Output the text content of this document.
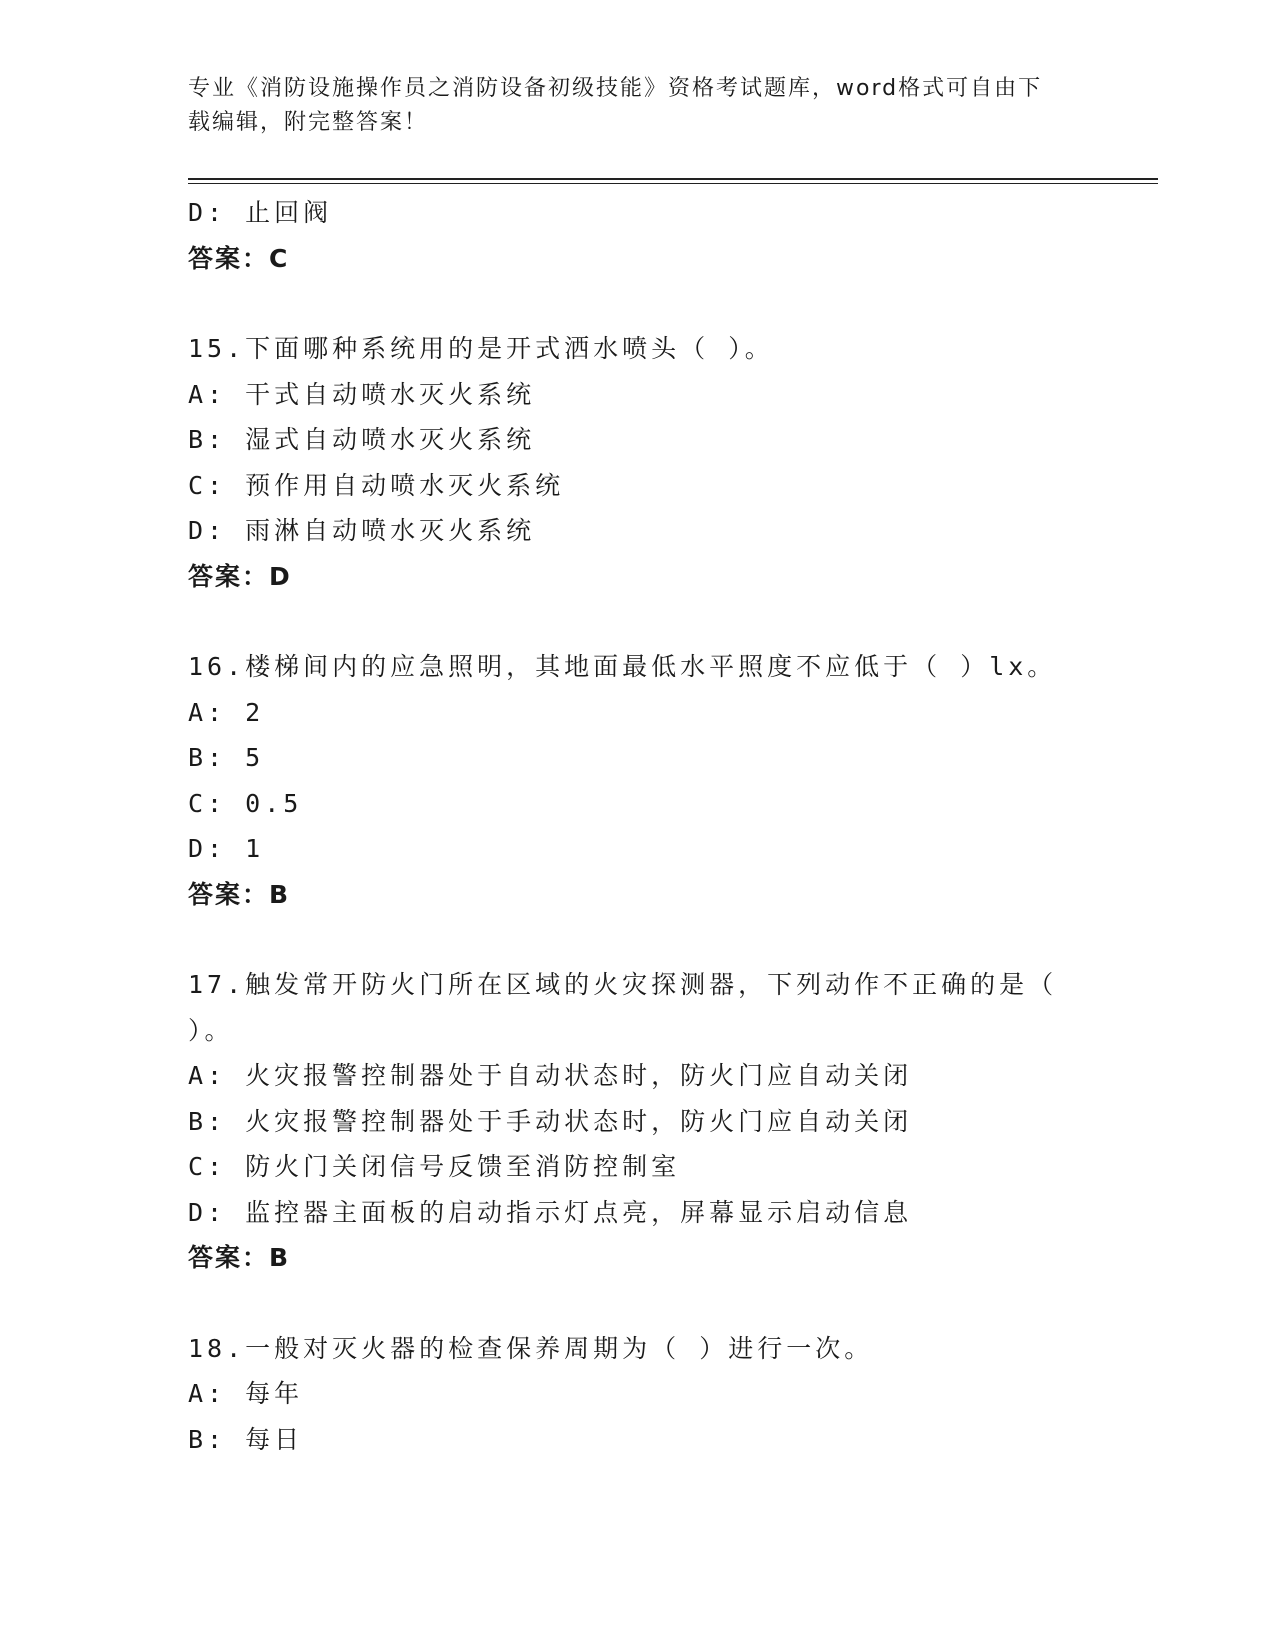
专业《消防设施操作员之消防设备初级技能》资格考试题库，word格式可自由下
载编辑，附完整答案！
D: 止回阀
答案：C
15.下面哪种系统用的是开式洒水喷头（ ）。
A: 干式自动喷水灭火系统
B: 湿式自动喷水灭火系统
C: 预作用自动喷水灭火系统
D: 雨淋自动喷水灭火系统
答案：D
16.楼梯间内的应急照明，其地面最低水平照度不应低于（ ）lx。
A: 2
B: 5
C: 0.5
D: 1
答案：B
17.触发常开防火门所在区域的火灾探测器，下列动作不正确的是（
）。
A: 火灾报警控制器处于自动状态时，防火门应自动关闭
B: 火灾报警控制器处于手动状态时，防火门应自动关闭
C: 防火门关闭信号反馈至消防控制室
D: 监控器主面板的启动指示灯点亮，屏幕显示启动信息
答案：B
18.一般对灭火器的检查保养周期为（ ）进行一次。
A: 每年
B: 每日
